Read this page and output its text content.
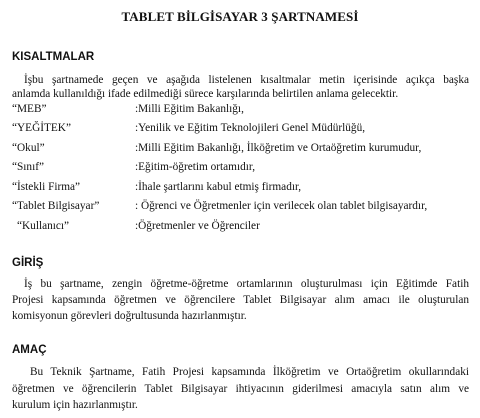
TABLET BİLGİSAYAR 3 ŞARTNAMESİ
KISALTMALAR
İşbu şartnamede geçen ve aşağıda listelenen kısaltmalar metin içerisinde açıkça başka
anlamda kullanıldığı ifade edilmediği sürece karşılarında belirtilen anlama gelecektir.
“MEB”	:Milli Eğitim Bakanlığı,
“YEĞİTEK”	:Yenilik ve Eğitim Teknolojileri Genel Müdürlüğü,
“Okul”	:Milli Eğitim Bakanlığı, İlköğretim ve Ortaöğretim kurumudur,
“Sınıf”	:Eğitim-öğretim ortamıdır,
“İstekli Firma”	:İhale şartlarını kabul etmiş firmadır,
“Tablet Bilgisayar”	: Öğrenci ve Öğretmenler için verilecek olan tablet bilgisayardır,
“Kullanıcı”	:Öğretmenler ve Öğrenciler
GİRİŞ
İş bu şartname, zengin öğretme-öğretme ortamlarının oluşturulması için Eğitimde Fatih
Projesi kapsamında öğretmen ve öğrencilere Tablet Bilgisayar alım amacı ile oluşturulan
komisyonun görevleri doğrultusunda hazırlanmıştır.
AMAÇ
Bu Teknik Şartname, Fatih Projesi kapsamında İlköğretim ve Ortaöğretim okullarındaki
öğretmen ve öğrencilerin Tablet Bilgisayar ihtiyacının giderilmesi amacıyla satın alım ve
kurulum için hazırlanmıştır.
